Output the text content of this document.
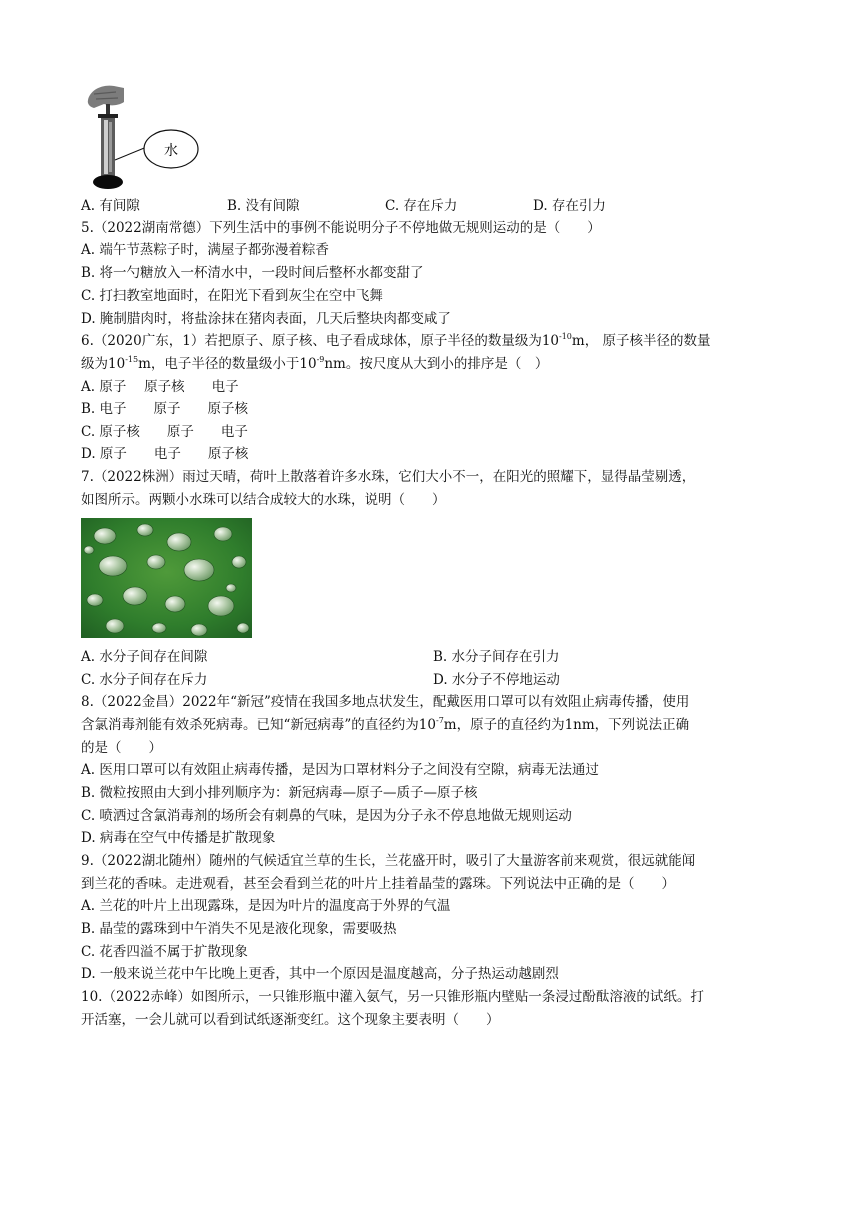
水
A. 有间隙	B. 没有间隙	C. 存在斥力	D. 存在引力
5.（2022湖南常德）下列生活中的事例不能说明分子不停地做无规则运动的是（　　）
A. 端午节蒸粽子时，满屋子都弥漫着粽香
B. 将一勺糖放入一杯清水中，一段时间后整杯水都变甜了
C. 打扫教室地面时，在阳光下看到灰尘在空中飞舞
D. 腌制腊肉时，将盐涂抹在猪肉表面，几天后整块肉都变咸了
6.（2020广东，1）若把原子、原子核、电子看成球体，原子半径的数量级为$10^{-10}m$， 原子核半径的数量
级为$10^{-15}m$，电子半径的数量级小于$10^{-9}nm$。按尺度从大到小的排序是（　）
A. 原子　 原子核　　电子
B. 电子　　原子　　原子核
C. 原子核　　原子　　电子
D. 原子　　电子　　原子核
7.（2022株洲）雨过天晴，荷叶上散落着许多水珠，它们大小不一，在阳光的照耀下，显得晶莹剔透，
如图所示。两颗小水珠可以结合成较大的水珠，说明（　　）
A. 水分子间存在间隙	B. 水分子间存在引力
C. 水分子间存在斥力	D. 水分子不停地运动
8.（2022金昌）2022年“新冠”疫情在我国多地点状发生，配戴医用口罩可以有效阻止病毒传播，使用
含氯消毒剂能有效杀死病毒。已知“新冠病毒”的直径约为$10^{-7}m$，原子的直径约为1nm，下列说法正确
的是（　　）
A. 医用口罩可以有效阻止病毒传播，是因为口罩材料分子之间没有空隙，病毒无法通过
B. 微粒按照由大到小排列顺序为：新冠病毒—原子—质子—原子核
C. 喷洒过含氯消毒剂的场所会有刺鼻的气味，是因为分子永不停息地做无规则运动
D. 病毒在空气中传播是扩散现象
9.（2022湖北随州）随州的气候适宜兰草的生长，兰花盛开时，吸引了大量游客前来观赏，很远就能闻
到兰花的香味。走进观看，甚至会看到兰花的叶片上挂着晶莹的露珠。下列说法中正确的是（　　）
A. 兰花的叶片上出现露珠，是因为叶片的温度高于外界的气温
B. 晶莹的露珠到中午消失不见是液化现象，需要吸热
C. 花香四溢不属于扩散现象
D. 一般来说兰花中午比晚上更香，其中一个原因是温度越高，分子热运动越剧烈
10.（2022赤峰）如图所示，一只锥形瓶中灌入氨气，另一只锥形瓶内壁贴一条浸过酚酞溶液的试纸。打
开活塞，一会儿就可以看到试纸逐渐变红。这个现象主要表明（　　）
